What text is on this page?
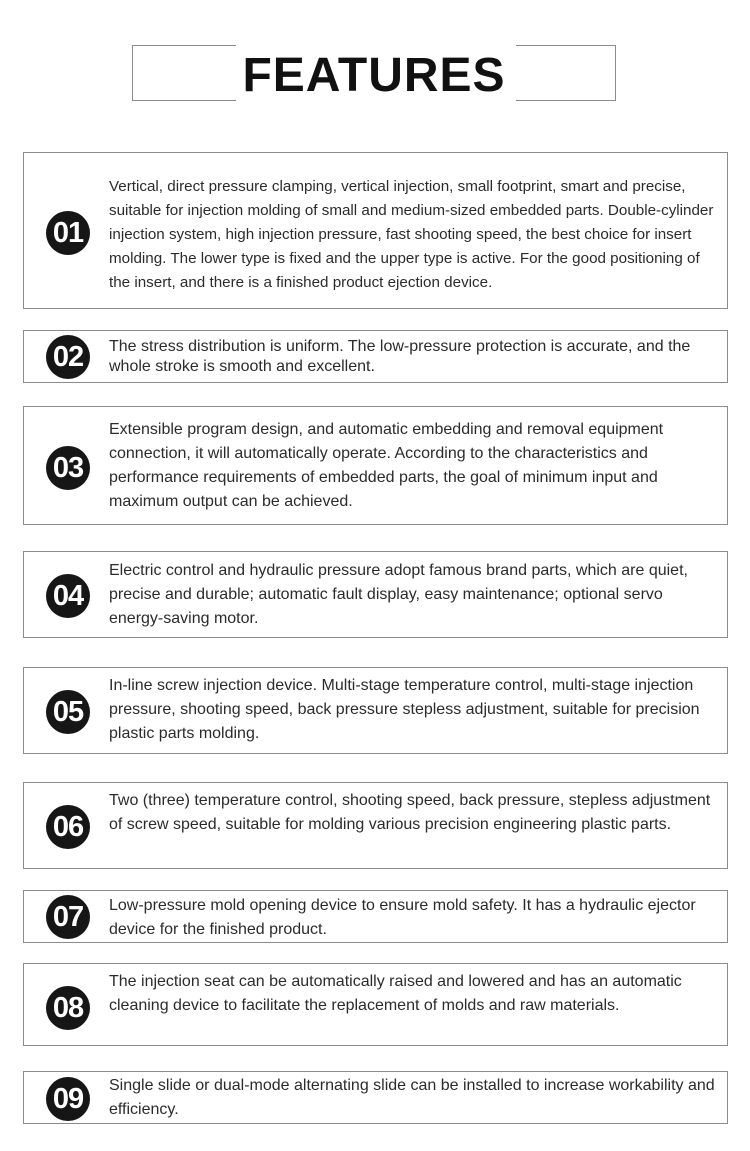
FEATURES
01
Vertical, direct pressure clamping, vertical injection, small footprint, smart and precise, suitable for injection molding of small and medium-sized embedded parts. Double-cylinder injection system, high injection pressure, fast shooting speed, the best choice for insert molding. The lower type is fixed and the upper type is active. For the good positioning of the insert, and there is a finished product ejection device.
02	The stress distribution is uniform. The low-pressure protection is accurate, and the whole stroke is smooth and excellent.
03
Extensible program design, and automatic embedding and removal equipment connection, it will automatically operate. According to the characteristics and performance requirements of embedded parts, the goal of minimum input and maximum output can be achieved.
04
Electric control and hydraulic pressure adopt famous brand parts, which are quiet, precise and durable; automatic fault display, easy maintenance; optional servo energy-saving motor.
05
In-line screw injection device. Multi-stage temperature control, multi-stage injection pressure, shooting speed, back pressure stepless adjustment, suitable for precision plastic parts molding.
06
Two (three) temperature control, shooting speed, back pressure, stepless adjustment of screw speed, suitable for molding various precision engineering plastic parts.
07	Low-pressure mold opening device to ensure mold safety. It has a hydraulic ejector device for the finished product.
08
The injection seat can be automatically raised and lowered and has an automatic cleaning device to facilitate the replacement of molds and raw materials.
09	Single slide or dual-mode alternating slide can be installed to increase workability and efficiency.
